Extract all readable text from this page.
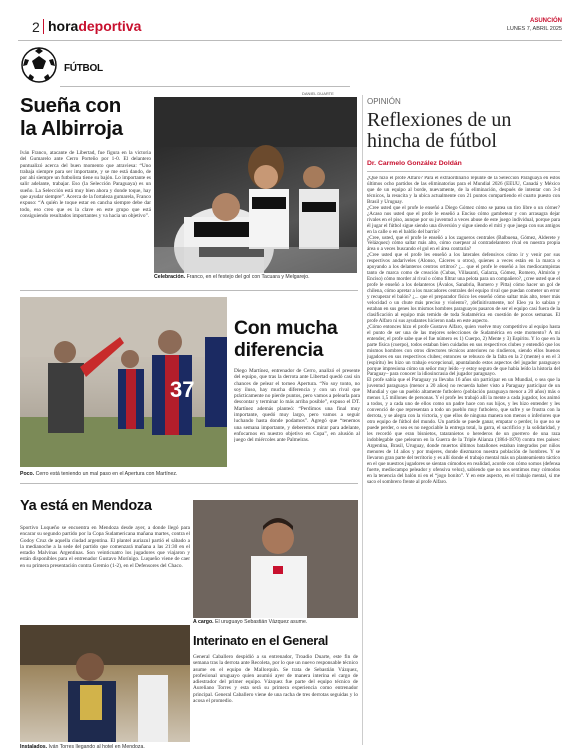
2 horadeportiva	ASUNCIÓN
LUNES 7, ABRIL 2025
FÚTBOL
Sueña con
la Albirroja
Iván Franco, atacante de Libertad, fue figura en la victoria del Gumarelo ante Cerro Porteño por 1-0. El delantero puntualizó acerca del buen momento que atraviesa: “Uno trabaja siempre para ser importante, y se me está dando, de por ahí siempre un futbolista tiene su bajón. Lo importante es salir adelante, trabajar. Eso (la Selección Paraguaya) es un sueño. La Selección está muy bien ahora y donde toque, hay que ayudar siempre”. Acerca de la fortaleza gumarela, Franco expuso: “A quién le toque estar en cancha siempre debe dar todo, eso creo que es la clave en este grupo que está consiguiendo resultados importantes y va hacia un objetivo”.
DANIEL DUARTE
Celebración. Franco, en el festejo del gol con Tacuara y Melgarejo.
37
Poco. Cerro está teniendo un mal paso en el Apertura con Martínez.
Con mucha
diferencia
Diego Martínez, entrenador de Cerro, analizó el presente del equipo, que tras la derrota ante Libertad quedó casi sin chances de pelear el torneo Apertura. “No soy tonto, no soy iluso, hay mucha diferencia y con un rival que prácticamente no pierde puntos, pero vamos a pelearla para descontar y terminar lo más arriba posible”, expuso el DT. Martínez además planteó: “Perdimos una final muy importante, quedó muy largo, pero vamos a seguir luchando hasta donde podamos”. Agregó que “tenemos una semana importante, y deberemos mirar para adelante, enfocarnos en nuestro objetivo en Copa”, en alusión al juego del miércoles ante Palmeiras.
Ya está en Mendoza
Sportivo Luqueño se encuentra en Mendoza desde ayer, a donde llegó para encarar su segundo partido por la Copa Sudamericana mañana martes, contra el Godoy Cruz de aquella ciudad argentina. El plantel auriazul partió el sábado a la medianoche a la sede del partido que comenzará mañana a las 21:30 en el estadio Malvinas Argentinas. Son veinticuatro los jugadores que viajaron y están disponibles para el entrenador Gustavo Morínigo. Luqueño viene de caer en su primera presentación contra Gremio (1-2), en el Defensores del Chaco.
Instalados. Iván Torres llegando al hotel en Mendoza.
A cargo. El uruguayo Sebastián Vázquez asume.
Interinato en el General
General Caballero despidió a su entrenador, Troadio Duarte, este fin de semana tras la derrota ante Recoleta, por lo que un nuevo responsable técnico asume en el equipo de Mallorquín. Se trata de Sebastián Vázquez, profesional uruguayo quien asumió ayer de manera interina el cargo de adiestrador del primer equipo. Vázquez fue parte del equipo técnico de Aureliano Torres y esta será su primera experiencia como entrenador principal. General Caballero viene de una racha de tres derrotas seguidas y lo acosa el promedio.
OPINIÓN
Reflexiones de un
hincha de fútbol
Dr. Carmelo González Doldán

¿Qué hizo el profe Alfaro? Para el extraordinario repunte de la Selección Paraguaya en estos últimos ocho partidos de las eliminatorias para el Mundial 2026 (EEUU, Canadá y México que de un equipo al borde, nuevamente, de la eliminación, después de intentar con 3-4 técnicos, la resucita y la ubica actualmente con 21 puntos compartiendo el cuarto puesto con Brasil y Uruguay.

¿Cree usted que el profe le enseñó a Diego Gómez cómo se patea un tiro libre o un córner? ¿Acaso nos usted que el profe le enseñó a Enciso cómo gambetear y con arrasagra dejar rivales en el piso, aunque por su juventud a veces abuse de este juego individual, porque para él jugar el fútbol sigue siendo una diversión y sigue siendo el mití y que juega con sus amigos en la calle o en el baldío del barrio?

¿Cree, usted, que el profe le enseñó a los zagueros centrales (Balbuena, Gómez, Alderete y Velázquez) cómo saltar más alto, cómo cuerpear al contradelantero rival en nuestra propia área o a veces buscando el gol en el área contraria?

¿Cree usted que el profe les enseñó a los laterales defensivos cómo ir y venir por sus respectivos andariveles (Alonso, Cáceres u otros), quienes a veces están en la marca o apoyando a los delanteros centros ortitros? ¿... que el profe le enseñó a los mediocampistas tanto de marca como de creación (Cubas, Villasanti, Galarza, Gómez, Romero, Almirón y Enciso) cómo morder al rival o cómo filtrar una pelota para un compañero?, ¿cree usted que el profe le enseñó a los delanteros (Ávalos, Sanabria, Romero y Pitta) cómo hacer un gol de chilena, cómo apretar a los marcadores centrales del equipo rival que puedan cometer un error y recuperar el balón? ¿... que el preparador físico les enseñó cómo saltar más alto, tener más velocidad o un chute más preciso y violento?, ¡definitivamente, no! Eleo ya lo sabían y estaban en sus genes los mismos hombres paraguayos pasaron de ser el equipo casi fuera de la clasificación al equipo más temido de toda Sudamérica en cuestión de pocos semanas. El profe Alfaro ni sus ayudantes hicieron nada en este aspecto.

¿Cómo entonces hizo el profe Gustavo Alfaro, quien vuelve muy competitivo al equipo hasta el punto de ser una de las mejores selecciones de Sudamérica en este momento? A mi entender, el profe sabe que el fue número es 1) Cuerpo, 2) Mente y 3) Espíritu. Y lo que en la parte física (cuerpo), todos estaban bien cuidados en sus respectivos clubes y entendió que los mismos hombres con otros directores técnicos anteriores no rindieron, siendo ellos buenos jugadores en sus respectivos clubes; entonces se rebusco de la falta en la 2 (mente) o en el 3 (espíritu) les hizo un trabajo excepcional, apuntalando estos aspectos del jugador paraguayo porque impresiona cómo un señor muy leído –y estoy seguro de que había leído la historia del Paraguay– para conocer la idiosincrasia del jugador paraguayo.

El profe sabía que el Paraguay ya llevaba 16 años sin participar en un Mundial, o sea que la juventud paraguaya (menor a 20 años) no recuerda haber visto a Paraguay participar de un Mundial y que un pueblo altamente futbolero (población paraguaya menor a 20 años) más o menos 1,5 millones de personas. Y el profe les trabajó allí la mente a cada jugador, los animó a todos, y a cada uno de ellos como un padre hace con sus hijos, y les hizo entender y les convenció de que representan a todo un pueblo muy futbolero, que sufre y se frustra con la derrota, y se alegra con la victoria, y que ellos de ninguna manera son menos o inferiores que otro equipo de fútbol del mundo. Un partido se puede ganar, empatar o perder, lo que no se puede perder, o sea es no negociable la entrega total, la garra, el sacrificio y la solidaridad, y les recordó que eran bisnietos, tataranietos o herederos de un guerrero de una raza indoblegable que pelearon en la Guerra de la Triple Alianza (1864-1870) contra tres países: Argentina, Brasil, Uruguay, donde muertos últimos batallones estaban integrados por niños menores de 14 años y por mujeres, donde diezmaron nuestra población de hombres. Y se llevaron gran parte del territorio y es allí donde el trabajo mental más un planteamiento táctico en el que nuestros jugadores se sientan cómodos en realidad, acorde con cómo somos (defensa fuerte, mediocampo peleador y ofensiva veloz), sabiendo que no nos sentimos muy cómodos en la tenencia del balón ni en el “jogo bonito”. Y en este aspecto, en el trabajo mental, sí me saco el sombrero frente al profe Alfaro.
